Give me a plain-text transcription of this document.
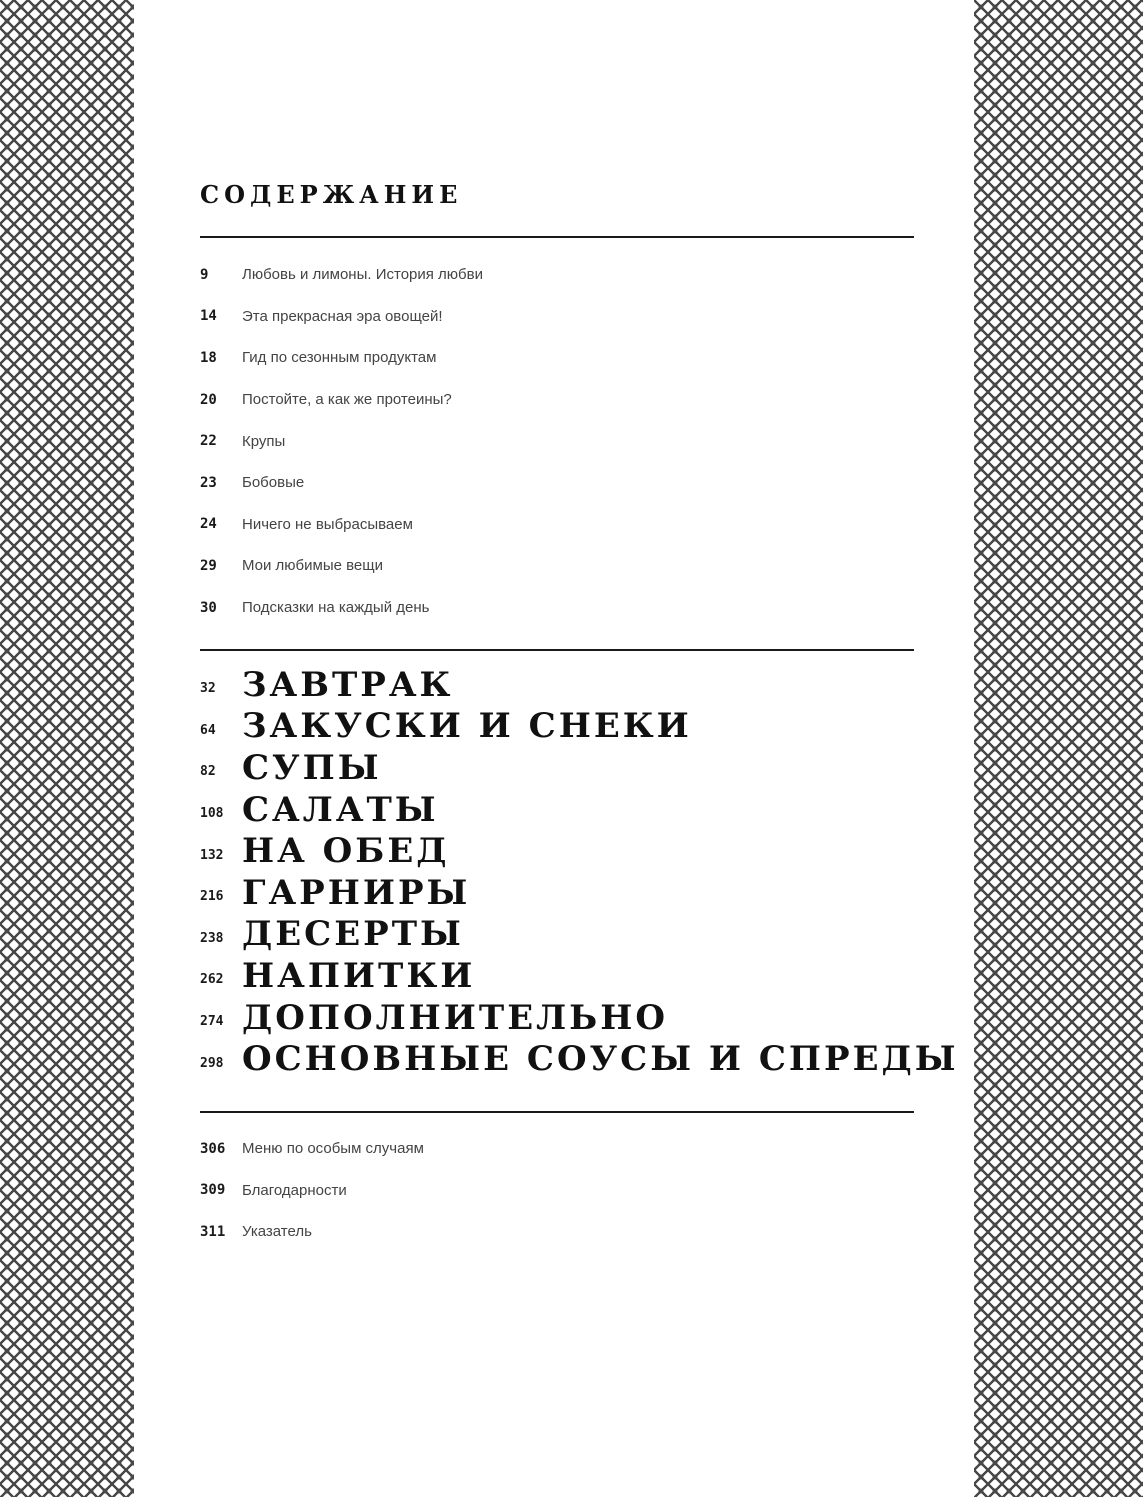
СОДЕРЖАНИЕ
9	Любовь и лимоны. История любви
14	Эта прекрасная эра овощей!
18	Гид по сезонным продуктам
20	Постойте, а как же протеины?
22	Крупы
23	Бобовые
24	Ничего не выбрасываем
29	Мои любимые вещи
30	Подсказки на каждый день
32 ЗАВТРАК
64 ЗАКУСКИ И СНЕКИ
82 СУПЫ
108 САЛАТЫ
132 НА ОБЕД
216 ГАРНИРЫ
238 ДЕСЕРТЫ
262 НАПИТКИ
274 ДОПОЛНИТЕЛЬНО
298 ОСНОВНЫЕ СОУСЫ И СПРЕДЫ
306	Меню по особым случаям
309	Благодарности
311	Указатель
